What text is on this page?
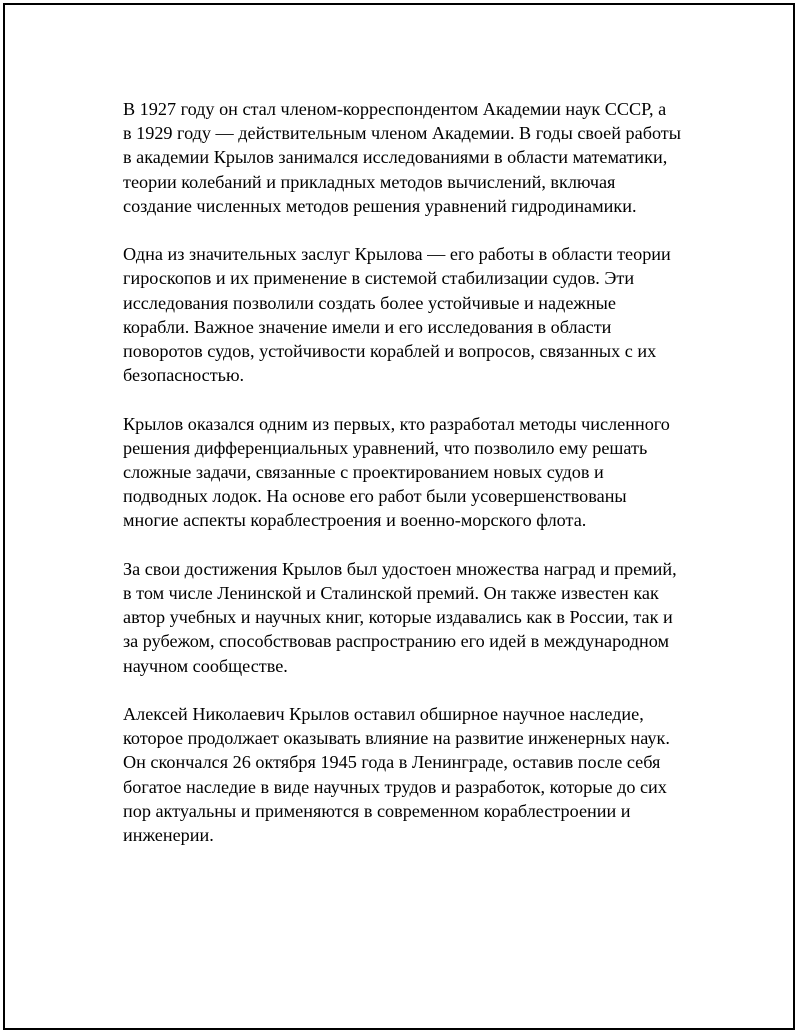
В 1927 году он стал членом-корреспондентом Академии наук СССР, а
в 1929 году — действительным членом Академии. В годы своей работы
в академии Крылов занимался исследованиями в области математики,
теории колебаний и прикладных методов вычислений, включая
создание численных методов решения уравнений гидродинамики.

Одна из значительных заслуг Крылова — его работы в области теории
гироскопов и их применение в системой стабилизации судов. Эти
исследования позволили создать более устойчивые и надежные
корабли. Важное значение имели и его исследования в области
поворотов судов, устойчивости кораблей и вопросов, связанных с их
безопасностью.

Крылов оказался одним из первых, кто разработал методы численного
решения дифференциальных уравнений, что позволило ему решать
сложные задачи, связанные с проектированием новых судов и
подводных лодок. На основе его работ были усовершенствованы
многие аспекты кораблестроения и военно-морского флота.

За свои достижения Крылов был удостоен множества наград и премий,
в том числе Ленинской и Сталинской премий. Он также известен как
автор учебных и научных книг, которые издавались как в России, так и
за рубежом, способствовав распространию его идей в международном
научном сообществе.

Алексей Николаевич Крылов оставил обширное научное наследие,
которое продолжает оказывать влияние на развитие инженерных наук.
Он скончался 26 октября 1945 года в Ленинграде, оставив после себя
богатое наследие в виде научных трудов и разработок, которые до сих
пор актуальны и применяются в современном кораблестроении и
инженерии.
